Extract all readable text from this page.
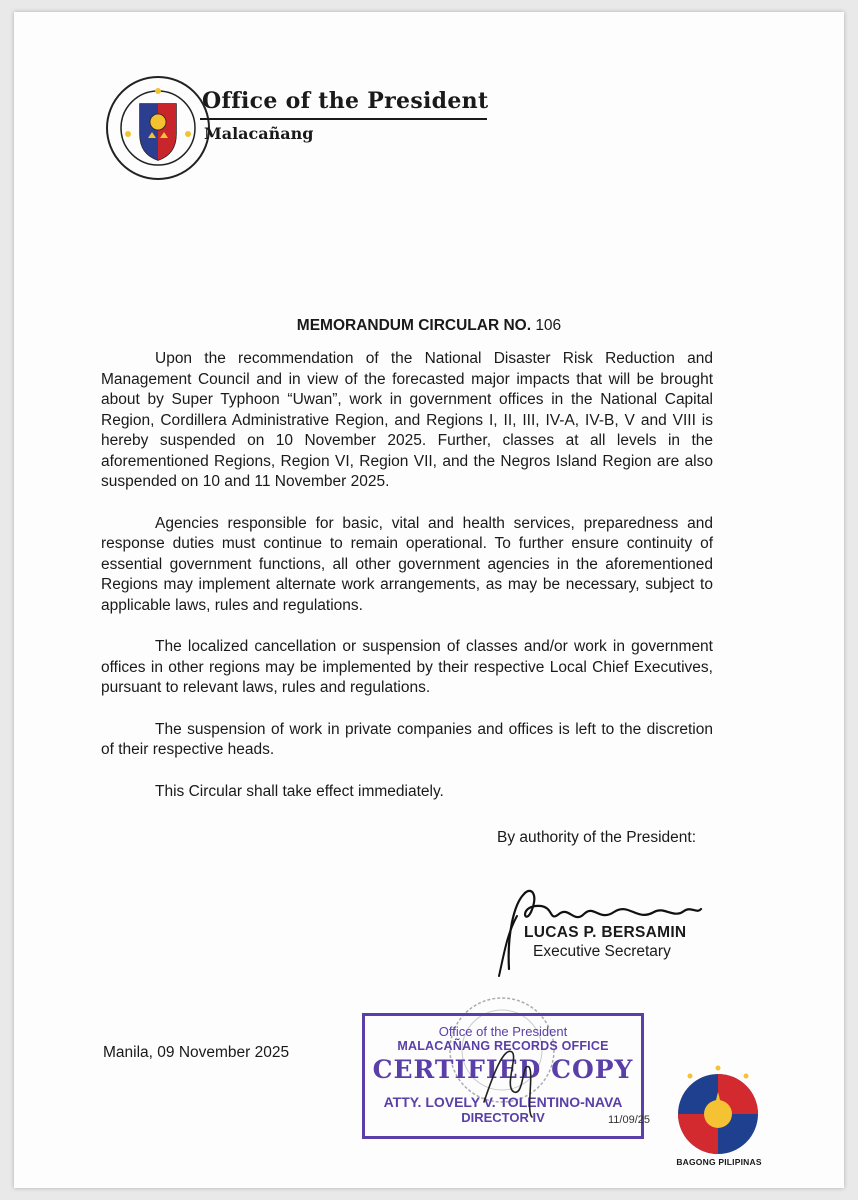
Office of the President
Malacañang
MEMORANDUM CIRCULAR NO. 106

Upon the recommendation of the National Disaster Risk Reduction and Management Council and in view of the forecasted major impacts that will be brought about by Super Typhoon “Uwan”, work in government offices in the National Capital Region, Cordillera Administrative Region, and Regions I, II, III, IV-A, IV-B, V and VIII is hereby suspended on 10 November 2025. Further, classes at all levels in the aforementioned Regions, Region VI, Region VII, and the Negros Island Region are also suspended on 10 and 11 November 2025.

Agencies responsible for basic, vital and health services, preparedness and response duties must continue to remain operational. To further ensure continuity of essential government functions, all other government agencies in the aforementioned Regions may implement alternate work arrangements, as may be necessary, subject to applicable laws, rules and regulations.

The localized cancellation or suspension of classes and/or work in government offices in other regions may be implemented by their respective Local Chief Executives, pursuant to relevant laws, rules and regulations.

The suspension of work in private companies and offices is left to the discretion of their respective heads.

This Circular shall take effect immediately.

By authority of the President:
LUCAS P. BERSAMIN
Executive Secretary
Manila, 09 November 2025
Office of the President
MALACAÑANG RECORDS OFFICE
CERTIFIED COPY
ATTY. LOVELY V. TOLENTINO-NAVA
DIRECTOR IV	11/09/25
BAGONG PILIPINAS
